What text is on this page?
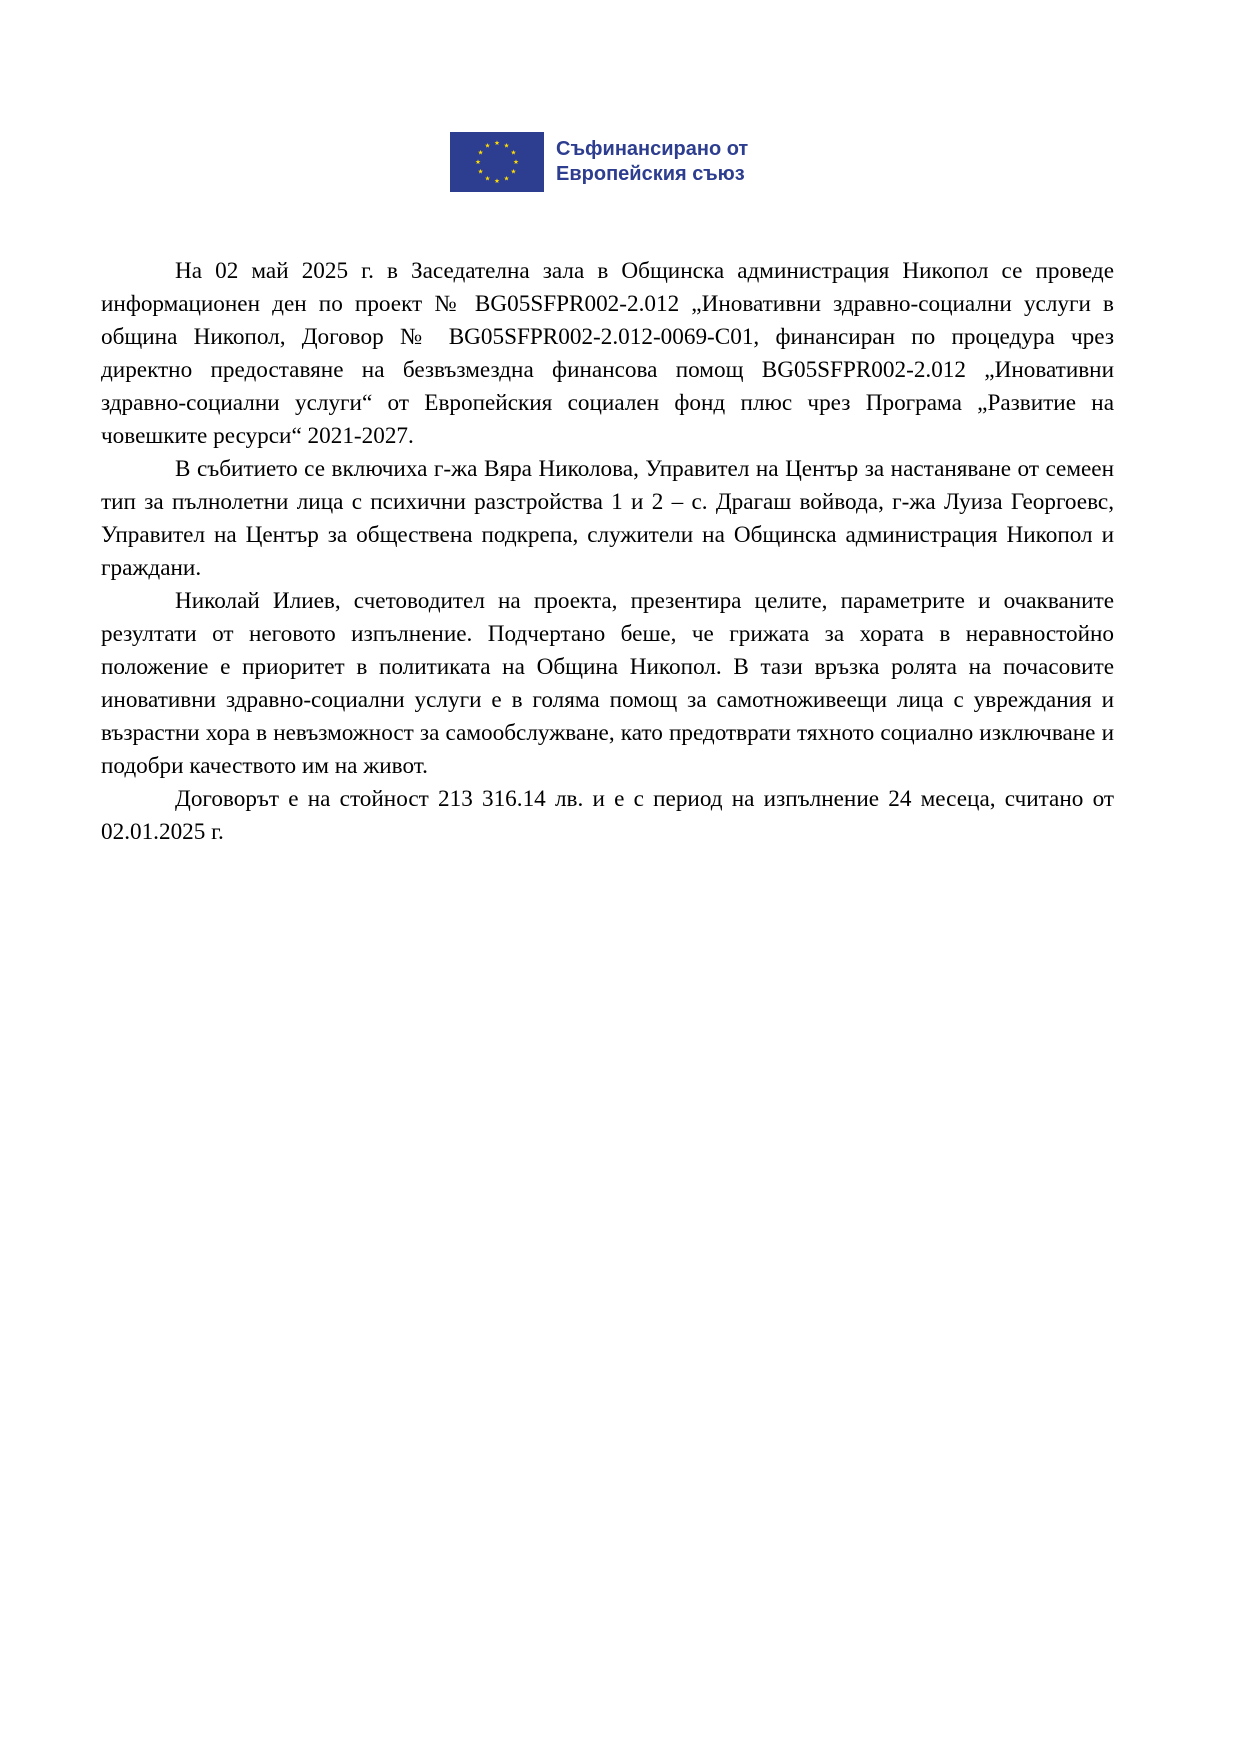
Съфинансирано от
Европейския съюз

На 02 май 2025 г. в Заседателна зала в Общинска администрация Никопол се проведе информационен ден по проект № BG05SFPR002-2.012 „Иновативни здравно-социални услуги в община Никопол, Договор № BG05SFPR002-2.012-0069-С01, финансиран по процедура чрез директно предоставяне на безвъзмездна финансова помощ BG05SFPR002-2.012 „Иновативни здравно-социални услуги“ от Европейския социален фонд плюс чрез Програма „Развитие на човешките ресурси“ 2021-2027.

В събитието се включиха г-жа Вяра Николова, Управител на Център за настаняване от семеен тип за пълнолетни лица с психични разстройства 1 и 2 – с. Драгаш войвода, г-жа Луиза Георгоевс, Управител на Център за обществена подкрепа, служители на Общинска администрация Никопол и граждани.

Николай Илиев, счетоводител на проекта, презентира целите, параметрите и очакваните резултати от неговото изпълнение. Подчертано беше, че грижата за хората в неравностойно положение е приоритет в политиката на Община Никопол. В тази връзка ролята на почасовите иновативни здравно-социални услуги е в голяма помощ за самотноживеещи лица с увреждания и възрастни хора в невъзможност за самообслужване, като предотврати тяхното социално изключване и подобри качеството им на живот.

Договорът е на стойност 213 316.14 лв. и е с период на изпълнение 24 месеца, считано от 02.01.2025 г.
